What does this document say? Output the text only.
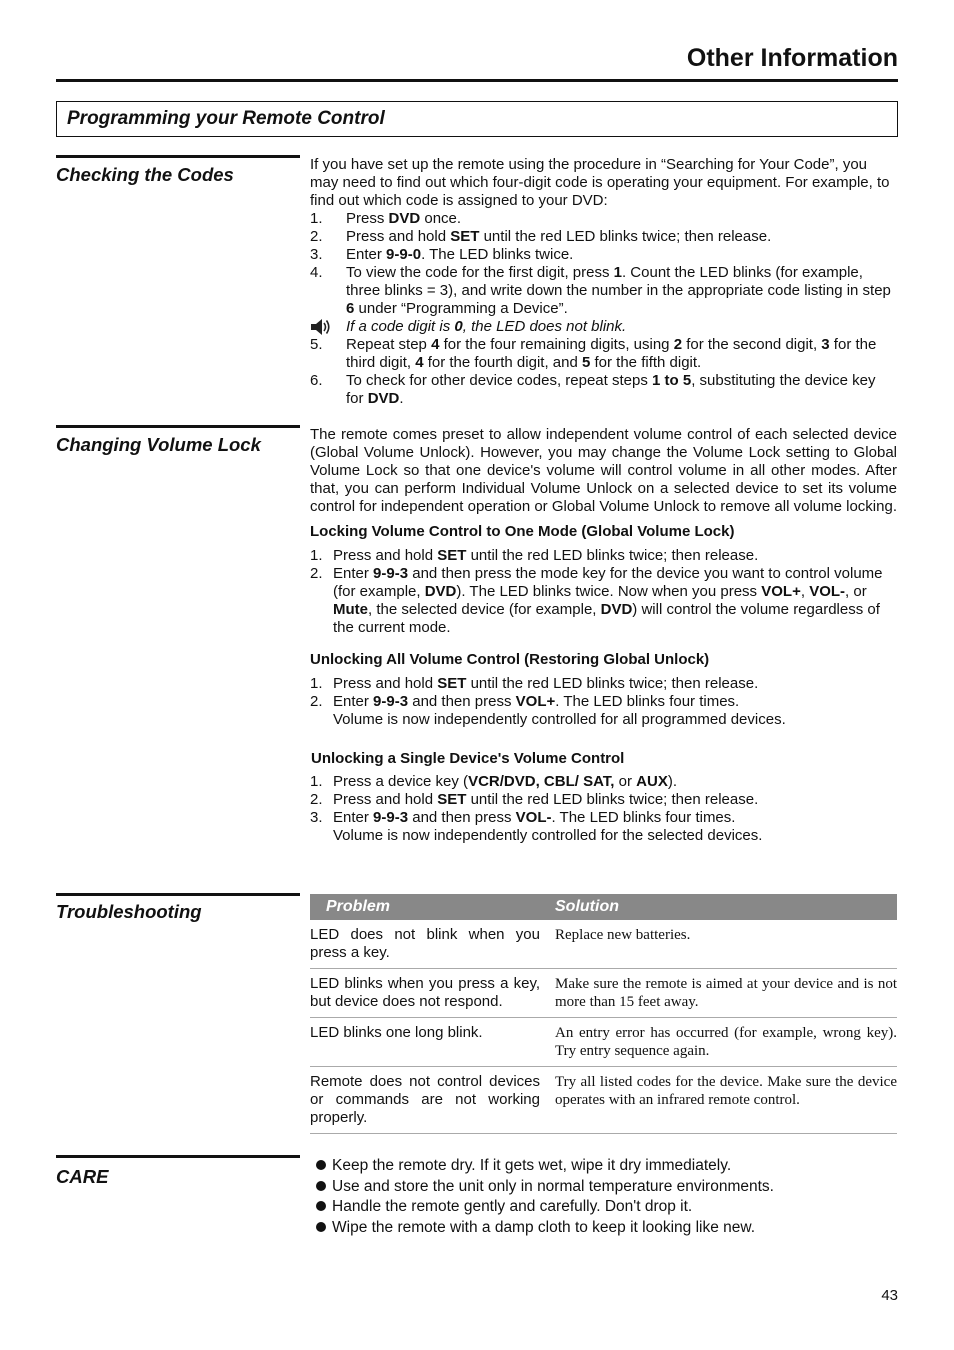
Other Information
Programming your Remote Control
Checking the Codes	If you have set up the remote using the procedure in “Searching for Your Code”, you may need to find out which four-digit code is operating your equipment. For example, to find out which code is assigned to your DVD:

1. Press DVD once.
2. Press and hold SET until the red LED blinks twice; then release.
3. Enter 9-9-0. The LED blinks twice.
4. To view the code for the first digit, press 1. Count the LED blinks (for example, three blinks = 3), and write down the number in the appropriate code listing in step 6 under “Programming a Device”.
If a code digit is 0, the LED does not blink.
5. Repeat step 4 for the four remaining digits, using 2 for the second digit, 3 for the third digit, 4 for the fourth digit, and 5 for the fifth digit.
6. To check for other device codes, repeat steps 1 to 5, substituting the device key for DVD.
Changing Volume Lock	The remote comes preset to allow independent volume control of each selected device (Global Volume Unlock). However, you may change the Volume Lock setting to Global Volume Lock so that one device's volume will control volume in all other modes. After that, you can perform Individual Volume Unlock on a selected device to set its volume control for independent operation or Global Volume Unlock to remove all volume locking.

Locking Volume Control to One Mode (Global Volume Lock)

1. Press and hold SET until the red LED blinks twice; then release.
2. Enter 9-9-3 and then press the mode key for the device you want to control volume (for example, DVD). The LED blinks twice. Now when you press VOL+, VOL-, or Mute, the selected device (for example, DVD) will control the volume regardless of the current mode.

Unlocking All Volume Control (Restoring Global Unlock)

1. Press and hold SET until the red LED blinks twice; then release.
2. Enter 9-9-3 and then press VOL+. The LED blinks four times.

Volume is now independently controlled for all programmed devices.

Unlocking a Single Device's Volume Control

1. Press a device key (VCR/DVD, CBL/ SAT, or AUX).
2. Press and hold SET until the red LED blinks twice; then release.
3. Enter 9-9-3 and then press VOL-. The LED blinks four times.

Volume is now independently controlled for the selected devices.

Troubleshooting	Problem	Solution
LED does not blink when you press a key.	Replace new batteries.
LED blinks when you press a key, but device does not respond.	Make sure the remote is aimed at your device and is not more than 15 feet away.
LED blinks one long blink.	An entry error has occurred (for example, wrong key). Try entry sequence again.
Remote does not control devices or commands are not working properly.	Try all listed codes for the device. Make sure the device operates with an infrared remote control.
CARE
Keep the remote dry. If it gets wet, wipe it dry immediately.
Use and store the unit only in normal temperature environments.
Handle the remote gently and carefully. Don't drop it.
Wipe the remote with a damp cloth to keep it looking like new.
43
